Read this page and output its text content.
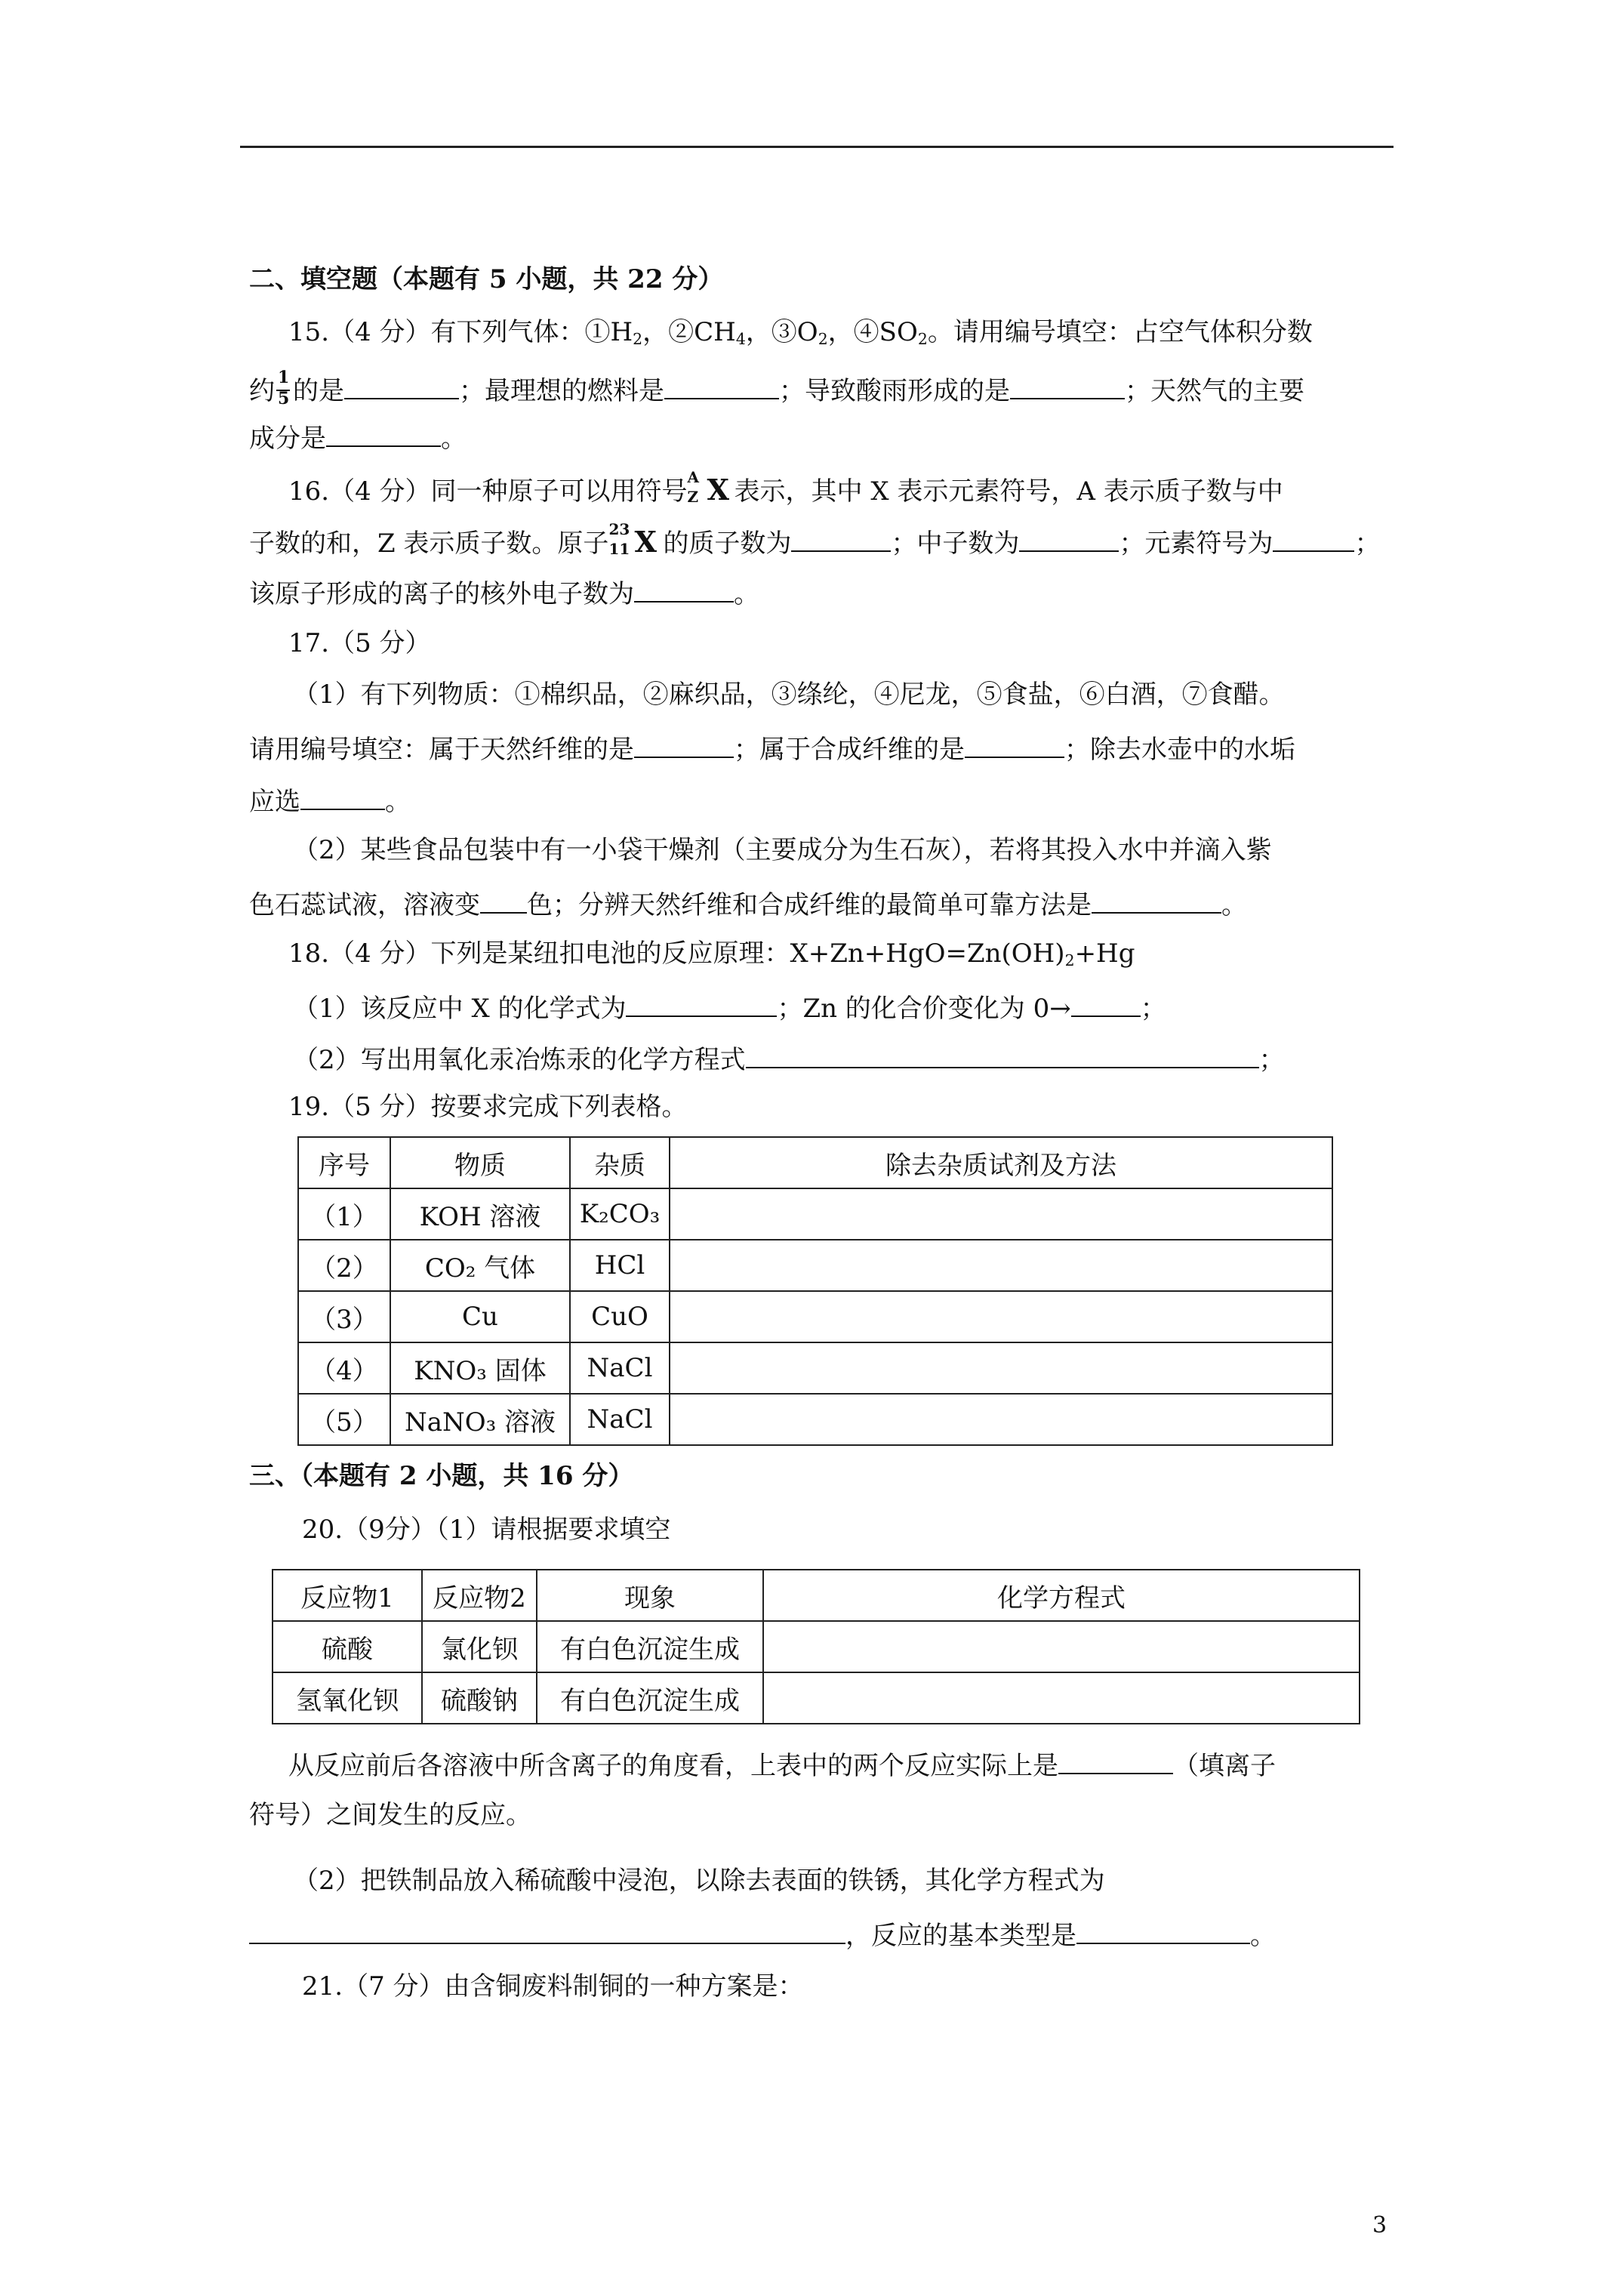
二、填空题（本题有 5 小题，共 22 分）
15.（4 分）有下列气体：$①H_2$，$②CH_4$，$③O_2$，$④SO_2$。请用编号填空：占空气体积分数
约 $\frac{1}{5}$ 的是	；最理想的燃料是	；导致酸雨形成的是	；天然气的主要
成分是	。
16.（4 分）同一种原子可以用符号 A
Z X 表示，其中 X 表示元素符号，A 表示质子数与中
子数的和，Z 表示质子数。原子 23
11 X 的质子数为	；中子数为	；元素符号为	；
该原子形成的离子的核外电子数为	。
17.（5 分）
（1）有下列物质：①棉织品，②麻织品，③绦纶，④尼龙，⑤食盐，⑥白酒，⑦食醋。
请用编号填空：属于天然纤维的是	；属于合成纤维的是	；除去水壶中的水垢
应选	。
（2）某些食品包装中有一小袋干燥剂（主要成分为生石灰），若将其投入水中并滴入紫
色石蕊试液，溶液变 色；分辨天然纤维和合成纤维的最简单可靠方法是	。
18.（4 分）下列是某纽扣电池的反应原理：$X+Zn+HgO=Zn(OH)_2+Hg$
（1）该反应中 X 的化学式为	；Zn 的化合价变化为 0→	；
（2）写出用氧化汞冶炼汞的化学方程式	；
19.（5 分）按要求完成下列表格。
序号	物质	杂质	除去杂质试剂及方法
（1）	KOH 溶液	K₂CO₃	
（2）	CO₂ 气体	HCl	
（3）	Cu	CuO	
（4）	KNO₃ 固体	NaCl	
（5）	NaNO₃ 溶液	NaCl	
三、（本题有 2 小题，共 16 分）
20.（9分）（1）请根据要求填空
反应物1	反应物2	现象	化学方程式
硫酸	氯化钡	有白色沉淀生成	
氢氧化钡	硫酸钠	有白色沉淀生成	
从反应前后各溶液中所含离子的角度看，上表中的两个反应实际上是	（填离子
符号）之间发生的反应。
（2）把铁制品放入稀硫酸中浸泡，以除去表面的铁锈，其化学方程式为
，反应的基本类型是	。
21.（7 分）由含铜废料制铜的一种方案是：
3
